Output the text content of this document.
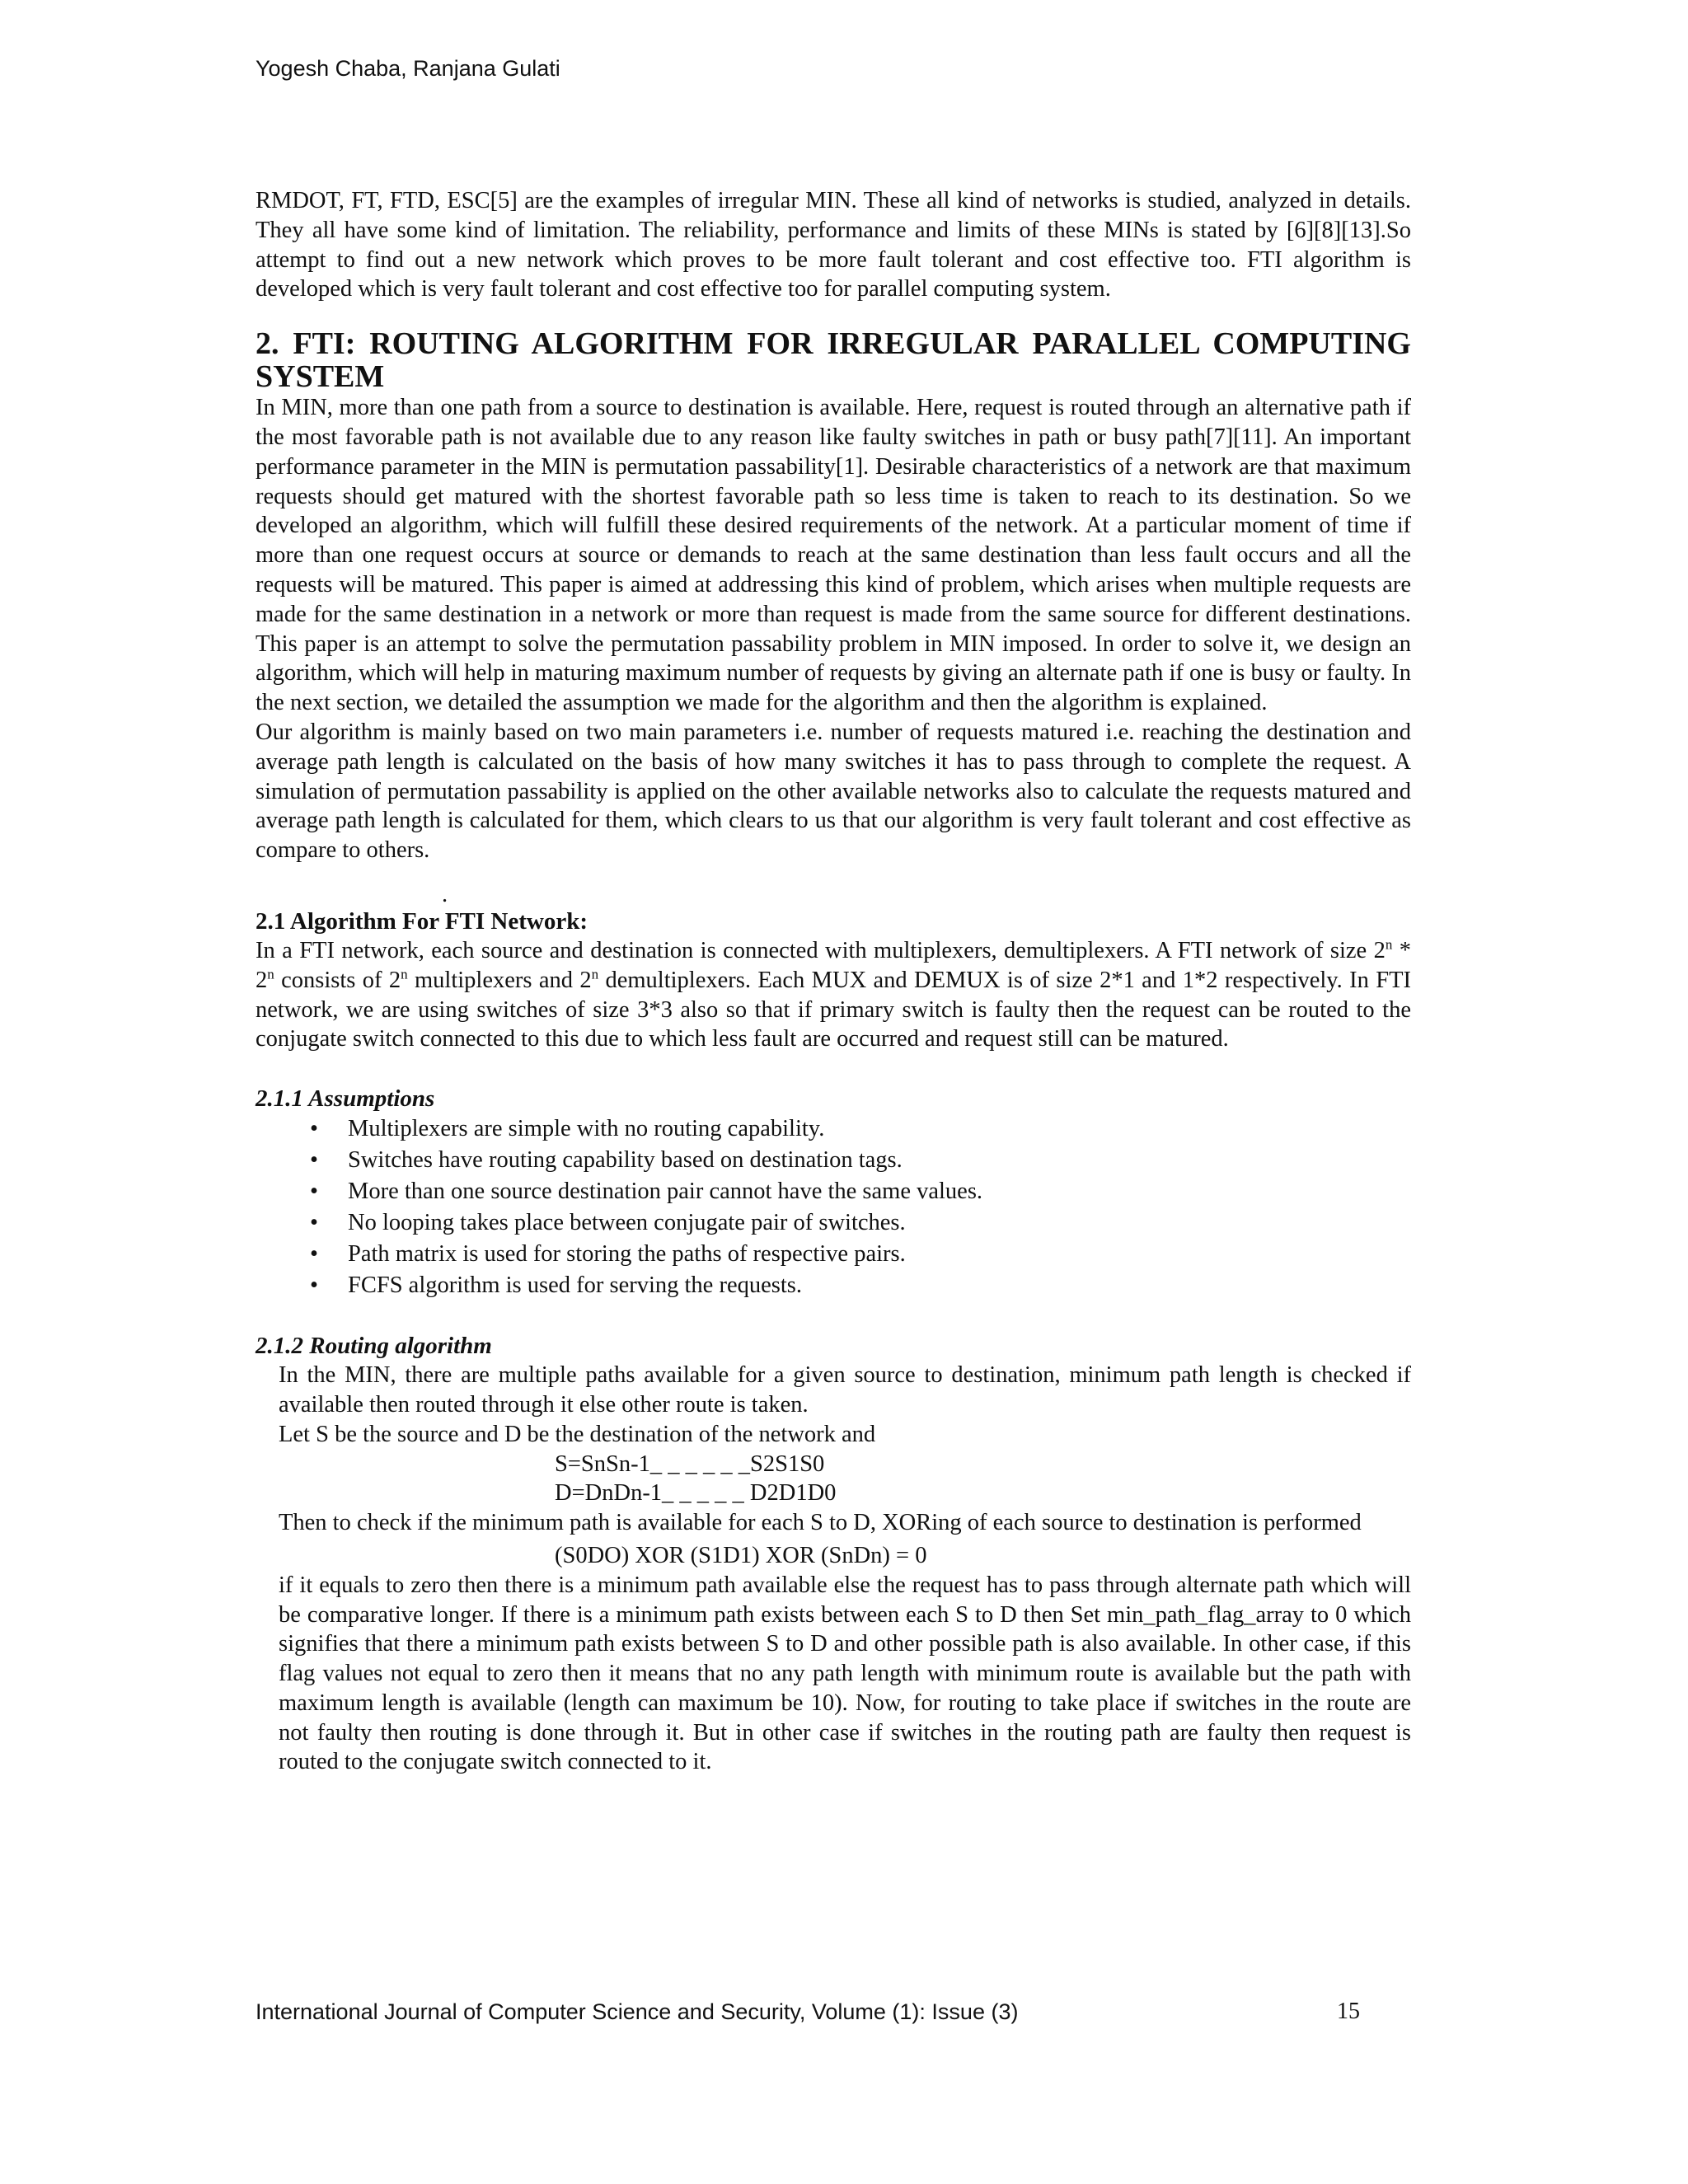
Yogesh Chaba, Ranjana Gulati

RMDOT, FT, FTD, ESC[5] are the examples of irregular MIN. These all kind of networks is studied, analyzed in details. They all have some kind of limitation. The reliability, performance and limits of these MINs is stated by [6][8][13].So attempt to find out a new network which proves to be more fault tolerant and cost effective too. FTI algorithm is developed which is very fault tolerant and cost effective too for parallel computing system.

2. FTI: ROUTING ALGORITHM FOR IRREGULAR PARALLEL COMPUTING SYSTEM

In MIN, more than one path from a source to destination is available. Here, request is routed through an alternative path if the most favorable path is not available due to any reason like faulty switches in path or busy path[7][11]. An important performance parameter in the MIN is permutation passability[1]. Desirable characteristics of a network are that maximum requests should get matured with the shortest favorable path so less time is taken to reach to its destination. So we developed an algorithm, which will fulfill these desired requirements of the network. At a particular moment of time if more than one request occurs at source or demands to reach at the same destination than less fault occurs and all the requests will be matured. This paper is aimed at addressing this kind of problem, which arises when multiple requests are made for the same destination in a network or more than request is made from the same source for different destinations. This paper is an attempt to solve the permutation passability problem in MIN imposed. In order to solve it, we design an algorithm, which will help in maturing maximum number of requests by giving an alternate path if one is busy or faulty. In the next section, we detailed the assumption we made for the algorithm and then the algorithm is explained.

Our algorithm is mainly based on two main parameters i.e. number of requests matured i.e. reaching the destination and average path length is calculated on the basis of how many switches it has to pass through to complete the request. A simulation of permutation passability is applied on the other available networks also to calculate the requests matured and average path length is calculated for them, which clears to us that our algorithm is very fault tolerant and cost effective as compare to others.

.
2.1 Algorithm For FTI Network:

In a FTI network, each source and destination is connected with multiplexers, demultiplexers. A FTI network of size 2$^n$ * 2$^n$ consists of 2$^n$ multiplexers and 2$^n$ demultiplexers. Each MUX and DEMUX is of size 2*1 and 1*2 respectively. In FTI network, we are using switches of size 3*3 also so that if primary switch is faulty then the request can be routed to the conjugate switch connected to this due to which less fault are occurred and request still can be matured.

2.1.1 Assumptions
• Multiplexers are simple with no routing capability.
• Switches have routing capability based on destination tags.
• More than one source destination pair cannot have the same values.
• No looping takes place between conjugate pair of switches.
• Path matrix is used for storing the paths of respective pairs.
• FCFS algorithm is used for serving the requests.
2.1.2 Routing algorithm

In the MIN, there are multiple paths available for a given source to destination, minimum path length is checked if available then routed through it else other route is taken.

Let S be the source and D be the destination of the network and

S=SnSn-1_ _ _ _ _ _S2S1S0
D=DnDn-1_ _ _ _ _ D2D1D0

Then to check if the minimum path is available for each S to D, XORing of each source to destination is performed

(S0DO) XOR (S1D1) XOR (SnDn) = 0

if it equals to zero then there is a minimum path available else the request has to pass through alternate path which will be comparative longer. If there is a minimum path exists between each S to D then Set min_path_flag_array to 0 which signifies that there a minimum path exists between S to D and other possible path is also available. In other case, if this flag values not equal to zero then it means that no any path length with minimum route is available but the path with maximum length is available (length can maximum be 10). Now, for routing to take place if switches in the route are not faulty then routing is done through it. But in other case if switches in the routing path are faulty then request is routed to the conjugate switch connected to it.

International Journal of Computer Science and Security, Volume (1): Issue (3)	15
